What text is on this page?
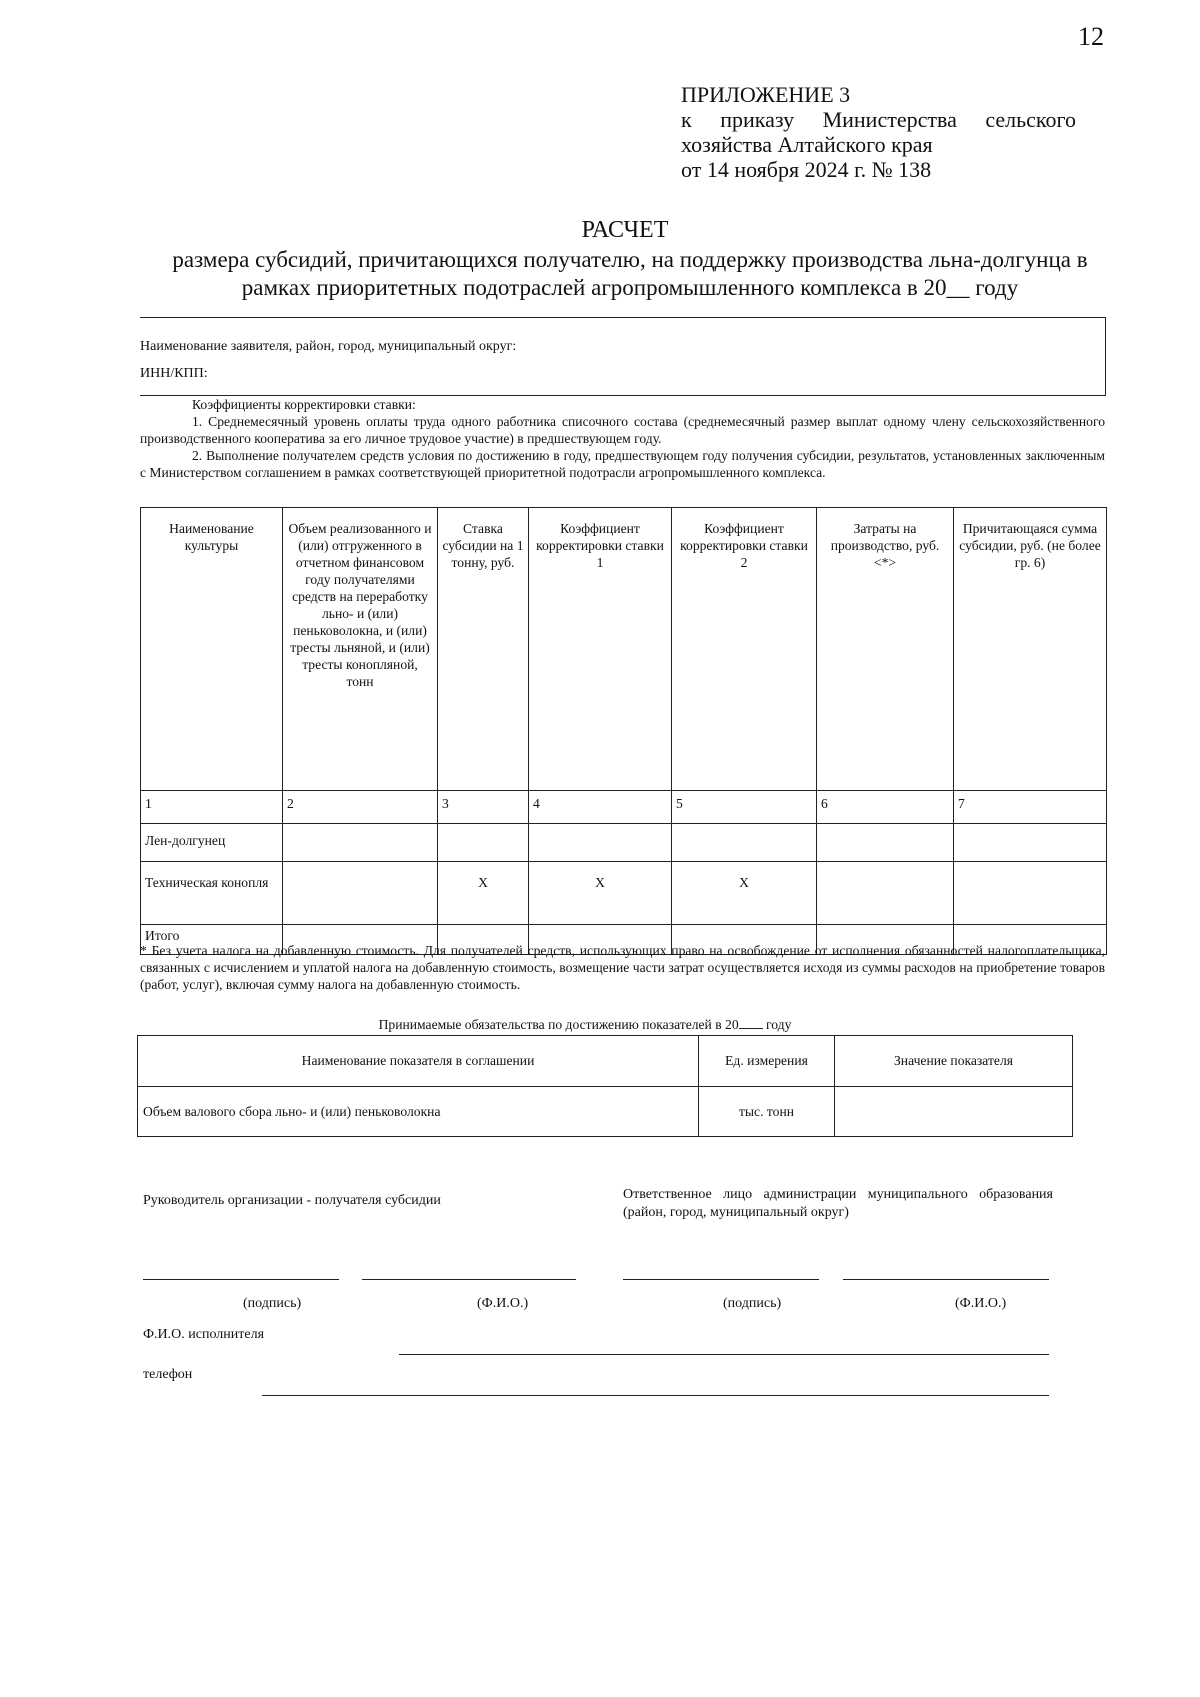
12
ПРИЛОЖЕНИЕ 3
к приказу Министерства сельского
хозяйства Алтайского края
от 14 ноября 2024 г. № 138
РАСЧЕТ
размера субсидий, причитающихся получателю, на поддержку производства льна-долгунца в
рамках приоритетных подотраслей агропромышленного комплекса в 20__ году
Наименование заявителя, район, город, муниципальный округ:
ИНН/КПП:

Коэффициенты корректировки ставки:

1. Среднемесячный уровень оплаты труда одного работника списочного состава (среднемесячный размер выплат одному члену сельскохозяйственного производственного кооператива за его личное трудовое участие) в предшествующем году.

2. Выполнение получателем средств условия по достижению в году, предшествующем году получения субсидии, результатов, установленных заключенным с Министерством соглашением в рамках соответствующей приоритетной подотрасли агропромышленного комплекса.

Наименование культуры	Объем реализованного и (или) отгруженного в отчетном финансовом году получателями средств на переработку льно- и (или) пеньковолокна, и (или) тресты льняной, и (или) тресты конопляной, тонн	Ставка субсидии на 1 тонну, руб.	Коэффициент корректировки ставки 1	Коэффициент корректировки ставки 2	Затраты на производство, руб. <*>	Причитающаяся сумма субсидии, руб. (не более гр. 6)
1	2	3	4	5	6	7
Лен-долгунец						
Техническая конопля		X	X	X		
Итого						
* Без учета налога на добавленную стоимость. Для получателей средств, использующих право на освобождение от исполнения обязанностей налогоплательщика, связанных с исчислением и уплатой налога на добавленную стоимость, возмещение части затрат осуществляется исходя из суммы расходов на приобретение товаров (работ, услуг), включая сумму налога на добавленную стоимость.
Принимаемые обязательства по достижению показателей в 20 году
Наименование показателя в соглашении	Ед. измерения	Значение показателя
Объем валового сбора льно- и (или) пеньковолокна	тыс. тонн	
Руководитель организации - получателя субсидии	Ответственное лицо администрации муниципального образования (район, город, муниципальный округ)
(подпись)	(Ф.И.О.)	(подпись)	(Ф.И.О.)
Ф.И.О. исполнителя
телефон
